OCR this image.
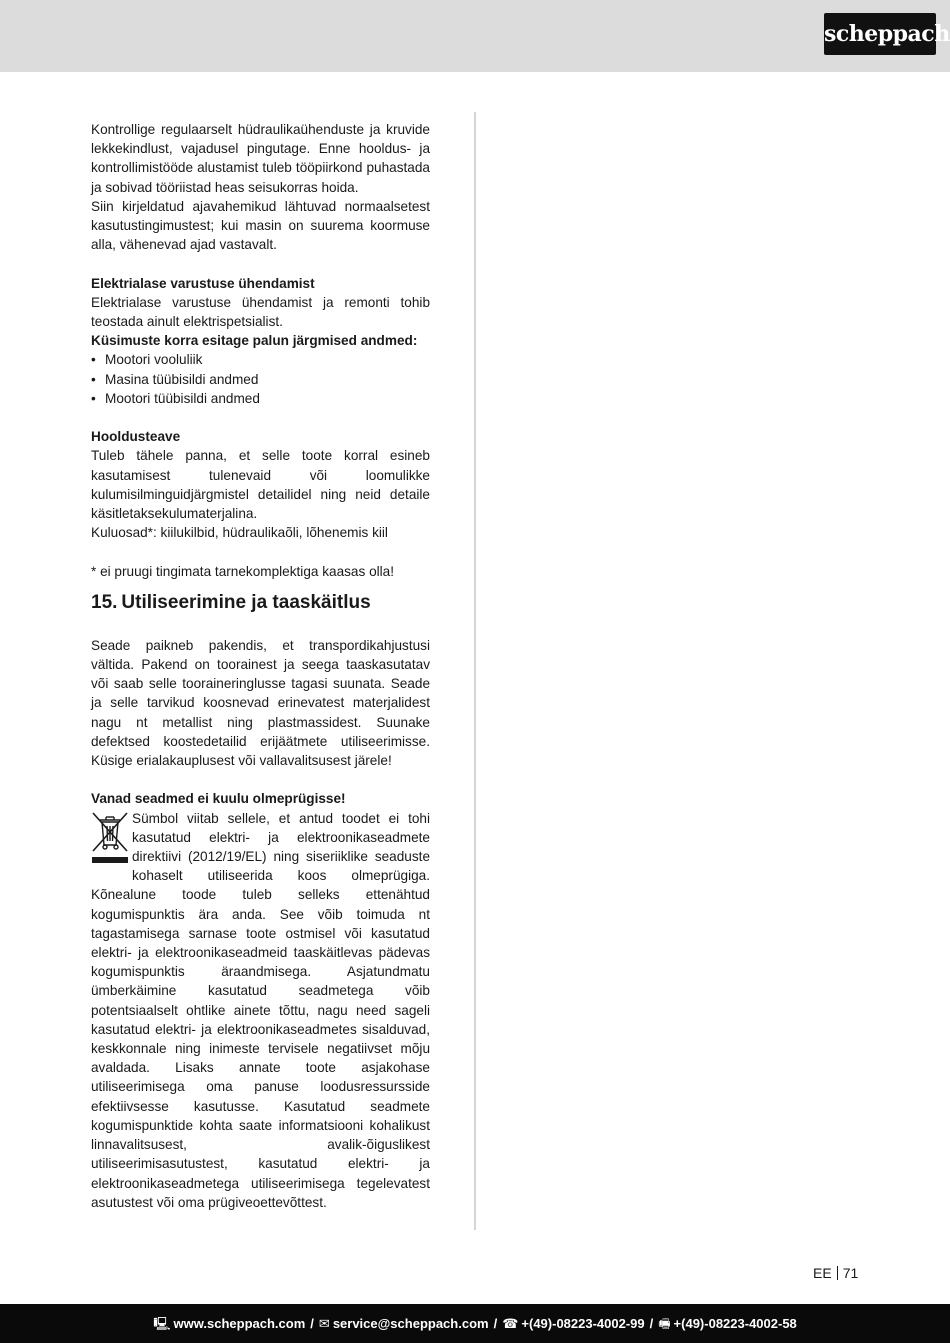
scheppach

Kontrollige regulaarselt hüdraulikaühenduste ja kruvide lekkekindlust, vajadusel pingutage. Enne hooldus- ja kontrollimistööde alustamist tuleb tööpiirkond puhastada ja sobivad tööriistad heas seisukorras hoida.

Siin kirjeldatud ajavahemikud lähtuvad normaalsetest kasutustingimustest; kui masin on suurema koormuse alla, vähenevad ajad vastavalt.

Elektrialase varustuse ühendamist

Elektrialase varustuse ühendamist ja remonti tohib teostada ainult elektrispetsialist.

Küsimuste korra esitage palun järgmised andmed:

• Mootori vooluliik
• Masina tüübisildi andmed
• Mootori tüübisildi andmed

Hooldusteave

Tuleb tähele panna, et selle toote korral esineb kasutamisest tulenevaid või loomulikke kulumisilminguidjärgmistel detailidel ning neid detaile käsitletaksekulumaterjalina.

Kuluosad*: kiilukilbid, hüdraulikaõli, lõhenemis kiil

* ei pruugi tingimata tarnekomplektiga kaasas olla!

15. Utiliseerimine ja taaskäitlus

Seade paikneb pakendis, et transpordikahjustusi vältida. Pakend on toorainest ja seega taaskasutatav või saab selle tooraineringlusse tagasi suunata. Seade ja selle tarvikud koosnevad erinevatest materjalidest nagu nt metallist ning plastmassidest. Suunake defektsed koostedetailid erijäätmete utiliseerimisse. Küsige erialakauplusest või vallavalitsusest järele!

Vanad seadmed ei kuulu olmeprügisse!

Sümbol viitab sellele, et antud toodet ei tohi kasutatud elektri- ja elektroonikaseadmete direktiivi (2012/19/EL) ning siseriiklike seaduste kohaselt utiliseerida koos olmeprügiga. Kõnealune toode tuleb selleks ettenähtud kogumispunktis ära anda. See võib toimuda nt tagastamisega sarnase toote ostmisel või kasutatud elektri- ja elektroonikaseadmeid taaskäitlevas pädevas kogumispunktis äraandmisega. Asjatundmatu ümberkäimine kasutatud seadmetega võib potentsiaalselt ohtlike ainete tõttu, nagu need sageli kasutatud elektri- ja elektroonikaseadmetes sisalduvad, keskkonnale ning inimeste tervisele negatiivset mõju avaldada. Lisaks annate toote asjakohase utiliseerimisega oma panuse loodusressursside efektiivsesse kasutusse. Kasutatud seadmete kogumispunktide kohta saate informatsiooni kohalikust linnavalitsusest, avalik-õiguslikest utiliseerimisasutustest, kasutatud elektri- ja elektroonikaseadmetega utiliseerimisega tegelevatest asutustest või oma prügiveoettevõttest.

EE 71
🖳 www.scheppach.com / ✉ service@scheppach.com / ☎ +(49)-08223-4002-99 / 🖷 +(49)-08223-4002-58
